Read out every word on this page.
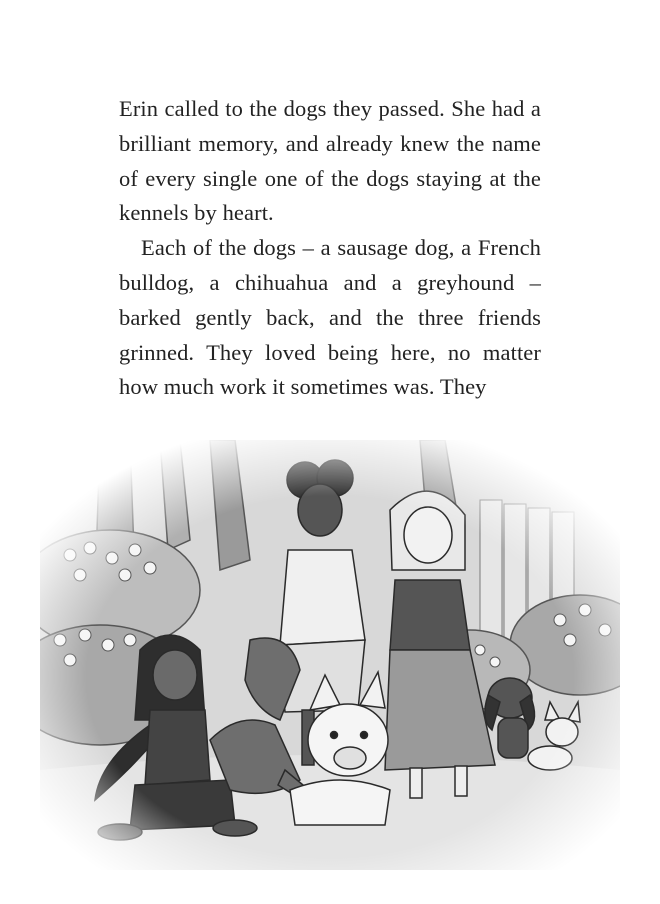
Erin called to the dogs they passed. She had a brilliant memory, and already knew the name of every single one of the dogs staying at the kennels by heart.

Each of the dogs – a sausage dog, a French bulldog, a chihuahua and a greyhound – barked gently back, and the three friends grinned. They loved being here, no matter how much work it sometimes was. They
